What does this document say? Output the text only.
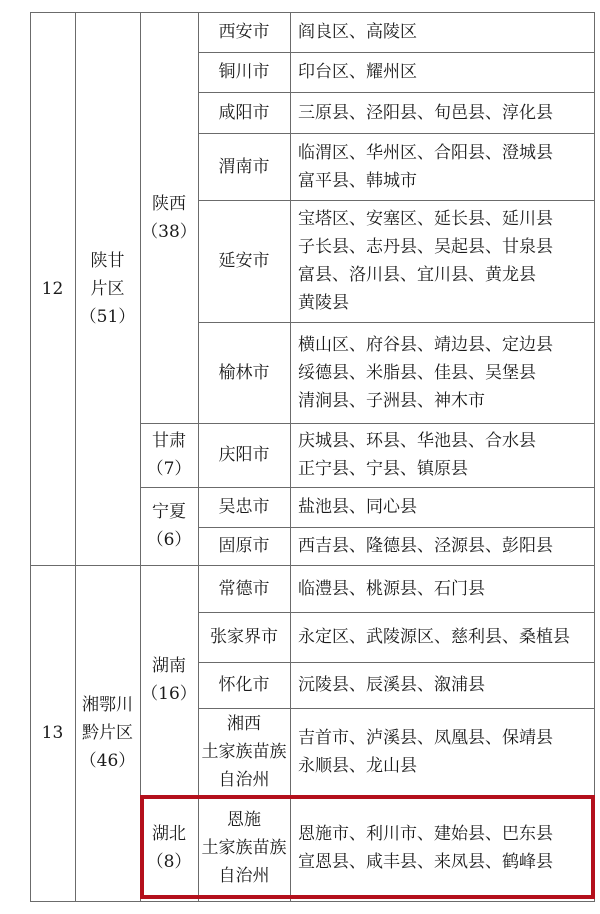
12
陕甘
片区
（51）
陕西
（38）
西安市 阎良区、高陵区
铜川市 印台区、耀州区
咸阳市 三原县、泾阳县、旬邑县、淳化县
渭南市
临渭区、华州区、合阳县、澄城县
富平县、韩城市
延安市
宝塔区、安塞区、延长县、延川县
子长县、志丹县、吴起县、甘泉县
富县、洛川县、宜川县、黄龙县
黄陵县
榆林市
横山区、府谷县、靖边县、定边县
绥德县、米脂县、佳县、吴堡县
清涧县、子洲县、神木市
甘肃
（7）
庆阳市
庆城县、环县、华池县、合水县
正宁县、宁县、镇原县
宁夏
（6）
吴忠市 盐池县、同心县
固原市 西吉县、隆德县、泾源县、彭阳县
13
湘鄂川
黔片区
（46）
湖南
（16）
常德市 临澧县、桃源县、石门县
张家界市 永定区、武陵源区、慈利县、桑植县
怀化市 沅陵县、辰溪县、溆浦县
湘西
土家族苗族
自治州
吉首市、泸溪县、凤凰县、保靖县
永顺县、龙山县
湖北
（8）
恩施
土家族苗族
自治州
恩施市、利川市、建始县、巴东县
宣恩县、咸丰县、来凤县、鹤峰县
